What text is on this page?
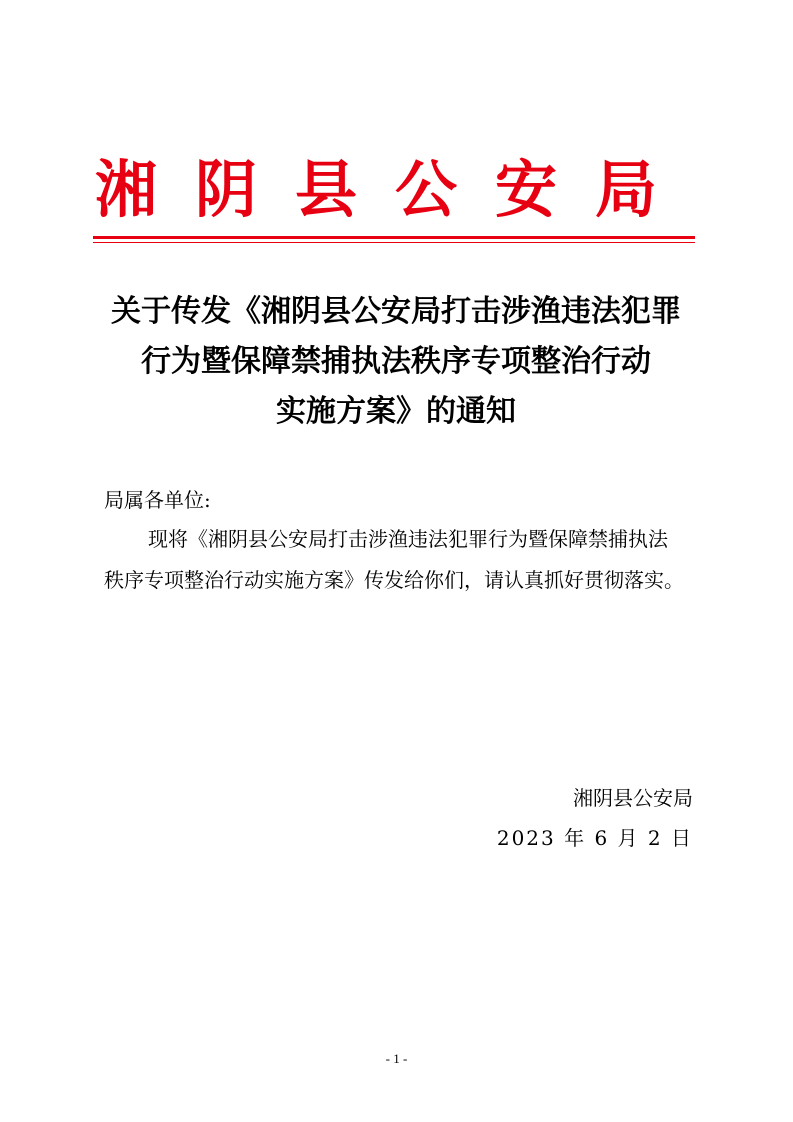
湘阴县公安局
关于传发《湘阴县公安局打击涉渔违法犯罪
行为暨保障禁捕执法秩序专项整治行动
实施方案》的通知

局属各单位:

现将《湘阴县公安局打击涉渔违法犯罪行为暨保障禁捕执法
秩序专项整治行动实施方案》传发给你们，请认真抓好贯彻落实。

湘阴县公安局

2023 年 6 月 2 日

- 1 -
